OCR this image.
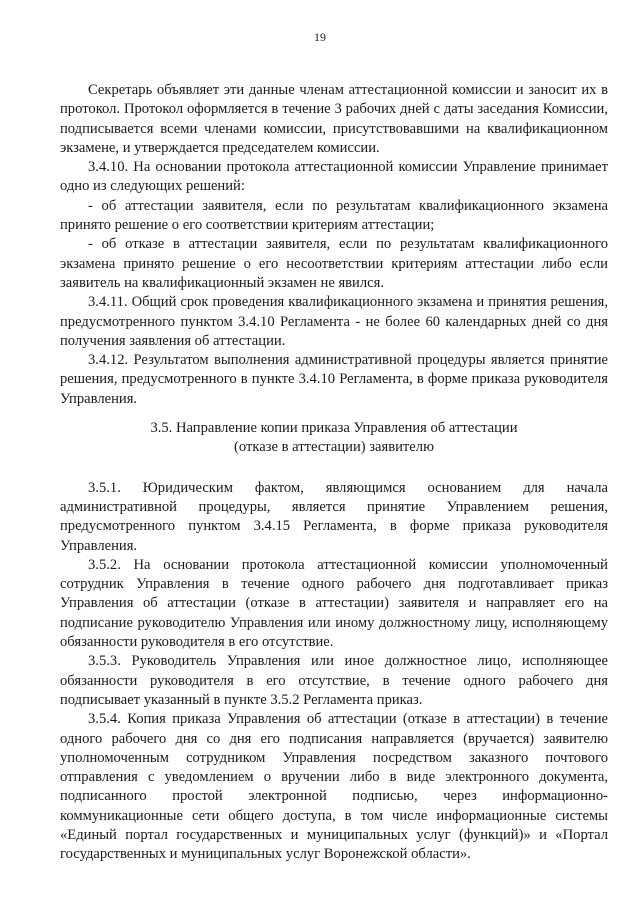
19

Секретарь объявляет эти данные членам аттестационной комиссии и заносит их в протокол. Протокол оформляется в течение 3 рабочих дней с даты заседания Комиссии, подписывается всеми членами комиссии, присутствовавшими на квалификационном экзамене, и утверждается председателем комиссии.

3.4.10. На основании протокола аттестационной комиссии Управление принимает одно из следующих решений:

- об аттестации заявителя, если по результатам квалификационного экзамена принято решение о его соответствии критериям аттестации;

- об отказе в аттестации заявителя, если по результатам квалификационного экзамена принято решение о его несоответствии критериям аттестации либо если заявитель на квалификационный экзамен не явился.

3.4.11. Общий срок проведения квалификационного экзамена и принятия решения, предусмотренного пунктом 3.4.10 Регламента - не более 60 календарных дней со дня получения заявления об аттестации.

3.4.12. Результатом выполнения административной процедуры является принятие решения, предусмотренного в пункте 3.4.10 Регламента, в форме приказа руководителя Управления.

3.5. Направление копии приказа Управления об аттестации
(отказе в аттестации) заявителю

3.5.1. Юридическим фактом, являющимся основанием для начала административной процедуры, является принятие Управлением решения, предусмотренного пунктом 3.4.15 Регламента, в форме приказа руководителя Управления.

3.5.2. На основании протокола аттестационной комиссии уполномоченный сотрудник Управления в течение одного рабочего дня подготавливает приказ Управления об аттестации (отказе в аттестации) заявителя и направляет его на подписание руководителю Управления или иному должностному лицу, исполняющему обязанности руководителя в его отсутствие.

3.5.3. Руководитель Управления или иное должностное лицо, исполняющее обязанности руководителя в его отсутствие, в течение одного рабочего дня подписывает указанный в пункте 3.5.2 Регламента приказ.

3.5.4. Копия приказа Управления об аттестации (отказе в аттестации) в течение одного рабочего дня со дня его подписания направляется (вручается) заявителю уполномоченным сотрудником Управления посредством заказного почтового отправления с уведомлением о вручении либо в виде электронного документа, подписанного простой электронной подписью, через информационно-коммуникационные сети общего доступа, в том числе информационные системы «Единый портал государственных и муниципальных услуг (функций)» и «Портал государственных и муниципальных услуг Воронежской области».
